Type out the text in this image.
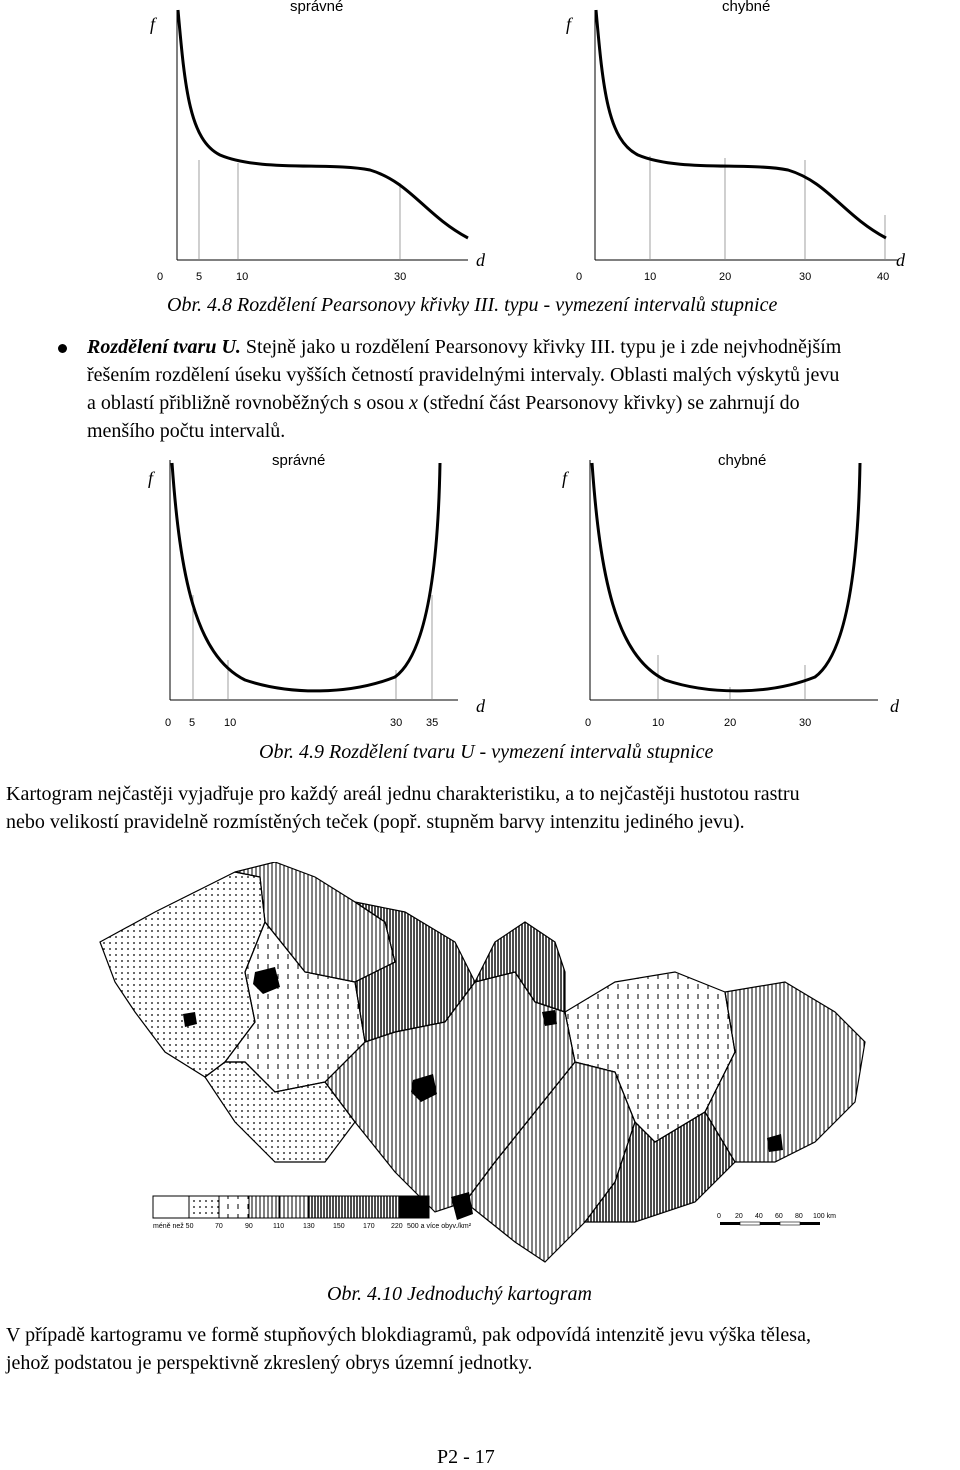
správné
f
d
0	5	10	30
chybné
f
d
0	10	20	30	40
Obr. 4.8 Rozdělení Pearsonovy křivky III. typu - vymezení intervalů stupnice
Rozdělení tvaru U. Stejně jako u rozdělení Pearsonovy křivky III. typu je i zde nejvhodnějším
řešením rozdělení úseku vyšších četností pravidelnými intervaly. Oblasti malých výskytů jevu
a oblastí přibližně rovnoběžných s osou x (střední část Pearsonovy křivky) se zahrnují do
menšího počtu intervalů.
správné
f
d
0 5	10	30 35
chybné
f
d
0	10	20	30
Obr. 4.9 Rozdělení tvaru U - vymezení intervalů stupnice
Kartogram nejčastěji vyjadřuje pro každý areál jednu charakteristiku, a to nejčastěji hustotou rastru
nebo velikostí pravidelně rozmístěných teček (popř. stupněm barvy intenzitu jediného jevu).
méně než 50	70	90	110	130	150	170 220 500 a více obyv./km²
0 20 40 60 80 100 km
Obr. 4.10 Jednoduchý kartogram
V případě kartogramu ve formě stupňových blokdiagramů, pak odpovídá intenzitě jevu výška tělesa,
jehož podstatou je perspektivně zkreslený obrys územní jednotky.
P2 - 17
